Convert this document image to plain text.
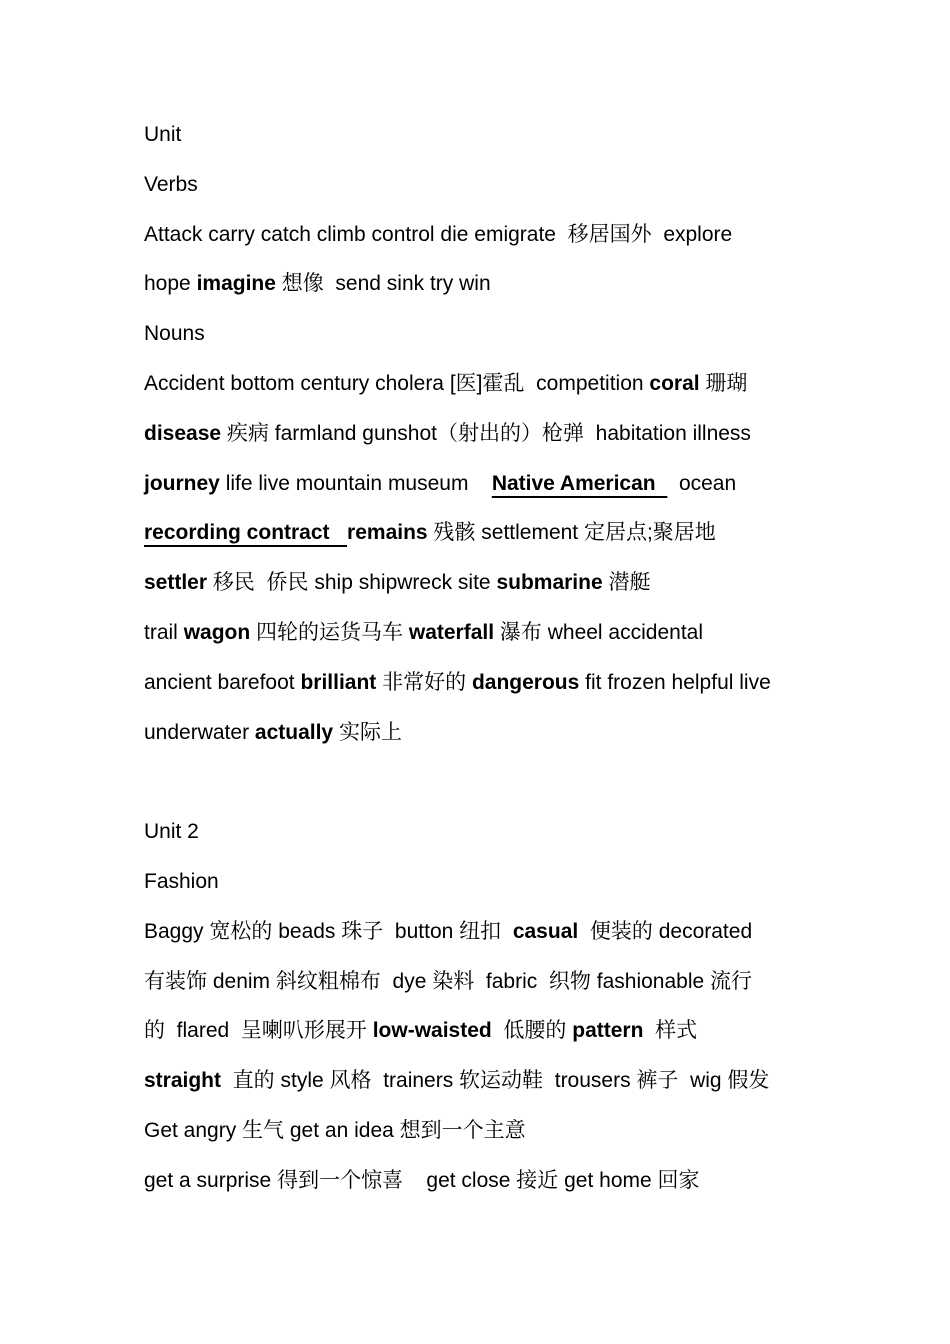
Unit
Verbs
Attack carry catch climb control die emigrate  移居国外  explore
hope imagine 想像  send sink try win
Nouns
Accident bottom century cholera [医]霍乱  competition coral 珊瑚
disease 疾病 farmland gunshot（射出的）枪弹  habitation illness
journey life live mountain museum    Native American    ocean
recording contract   remains 残骸 settlement 定居点;聚居地
settler 移民  侨民 ship shipwreck site submarine 潜艇
trail wagon 四轮的运货马车 waterfall 瀑布 wheel accidental
ancient barefoot brilliant 非常好的 dangerous fit frozen helpful live
underwater actually 实际上
Unit 2
Fashion
Baggy 宽松的 beads 珠子  button 纽扣  casual  便装的 decorated
有装饰 denim 斜纹粗棉布  dye 染料  fabric  织物 fashionable 流行
的  flared  呈喇叭形展开 low-waisted  低腰的 pattern  样式
straight  直的 style 风格  trainers 软运动鞋  trousers 裤子  wig 假发
Get angry 生气 get an idea 想到一个主意
get a surprise 得到一个惊喜    get close 接近 get home 回家
